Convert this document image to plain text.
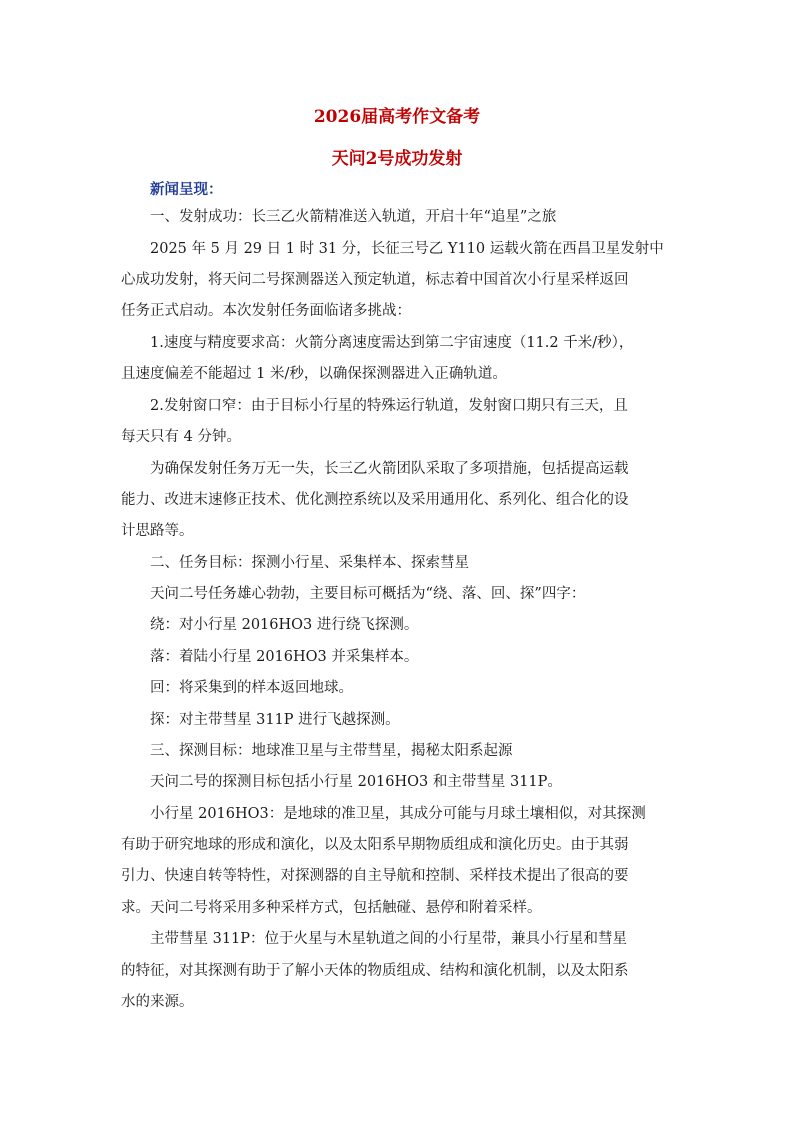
2026届高考作文备考
天问2号成功发射
新闻呈现：
一、发射成功：长三乙火箭精准送入轨道，开启十年“追星”之旅
2025 年 5 月 29 日 1 时 31 分，长征三号乙 Y110 运载火箭在西昌卫星发射中
心成功发射，将天问二号探测器送入预定轨道，标志着中国首次小行星采样返回
任务正式启动。本次发射任务面临诸多挑战：
1.速度与精度要求高：火箭分离速度需达到第二宇宙速度（11.2 千米/秒），
且速度偏差不能超过 1 米/秒，以确保探测器进入正确轨道。
2.发射窗口窄：由于目标小行星的特殊运行轨道，发射窗口期只有三天，且
每天只有 4 分钟。
为确保发射任务万无一失，长三乙火箭团队采取了多项措施，包括提高运载
能力、改进末速修正技术、优化测控系统以及采用通用化、系列化、组合化的设
计思路等。
二、任务目标：探测小行星、采集样本、探索彗星
天问二号任务雄心勃勃，主要目标可概括为“绕、落、回、探”四字：
绕：对小行星 2016HO3 进行绕飞探测。
落：着陆小行星 2016HO3 并采集样本。
回：将采集到的样本返回地球。
探：对主带彗星 311P 进行飞越探测。
三、探测目标：地球准卫星与主带彗星，揭秘太阳系起源
天问二号的探测目标包括小行星 2016HO3 和主带彗星 311P。
小行星 2016HO3：是地球的准卫星，其成分可能与月球土壤相似，对其探测
有助于研究地球的形成和演化，以及太阳系早期物质组成和演化历史。由于其弱
引力、快速自转等特性，对探测器的自主导航和控制、采样技术提出了很高的要
求。天问二号将采用多种采样方式，包括触碰、悬停和附着采样。
主带彗星 311P：位于火星与木星轨道之间的小行星带，兼具小行星和彗星
的特征，对其探测有助于了解小天体的物质组成、结构和演化机制，以及太阳系
水的来源。
